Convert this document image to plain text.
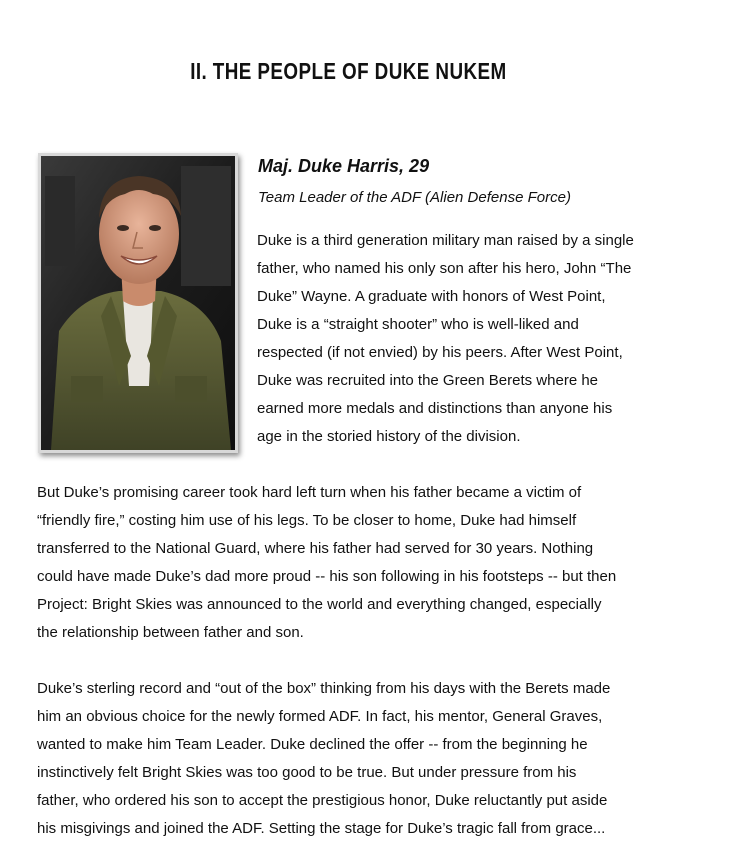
II. THE PEOPLE OF DUKE NUKEM

Maj. Duke Harris, 29

Team Leader of the ADF (Alien Defense Force)

Duke is a third generation military man raised by a single
father, who named his only son after his hero, John “The
Duke” Wayne. A graduate with honors of West Point,
Duke is a “straight shooter” who is well-liked and
respected (if not envied) by his peers. After West Point,
Duke was recruited into the Green Berets where he
earned more medals and distinctions than anyone his
age in the storied history of the division.

But Duke’s promising career took hard left turn when his father became a victim of
“friendly fire,” costing him use of his legs. To be closer to home, Duke had himself
transferred to the National Guard, where his father had served for 30 years. Nothing
could have made Duke’s dad more proud -- his son following in his footsteps -- but then
Project: Bright Skies was announced to the world and everything changed, especially
the relationship between father and son.

Duke’s sterling record and “out of the box” thinking from his days with the Berets made
him an obvious choice for the newly formed ADF. In fact, his mentor, General Graves,
wanted to make him Team Leader. Duke declined the offer -- from the beginning he
instinctively felt Bright Skies was too good to be true. But under pressure from his
father, who ordered his son to accept the prestigious honor, Duke reluctantly put aside
his misgivings and joined the ADF. Setting the stage for Duke’s tragic fall from grace...
